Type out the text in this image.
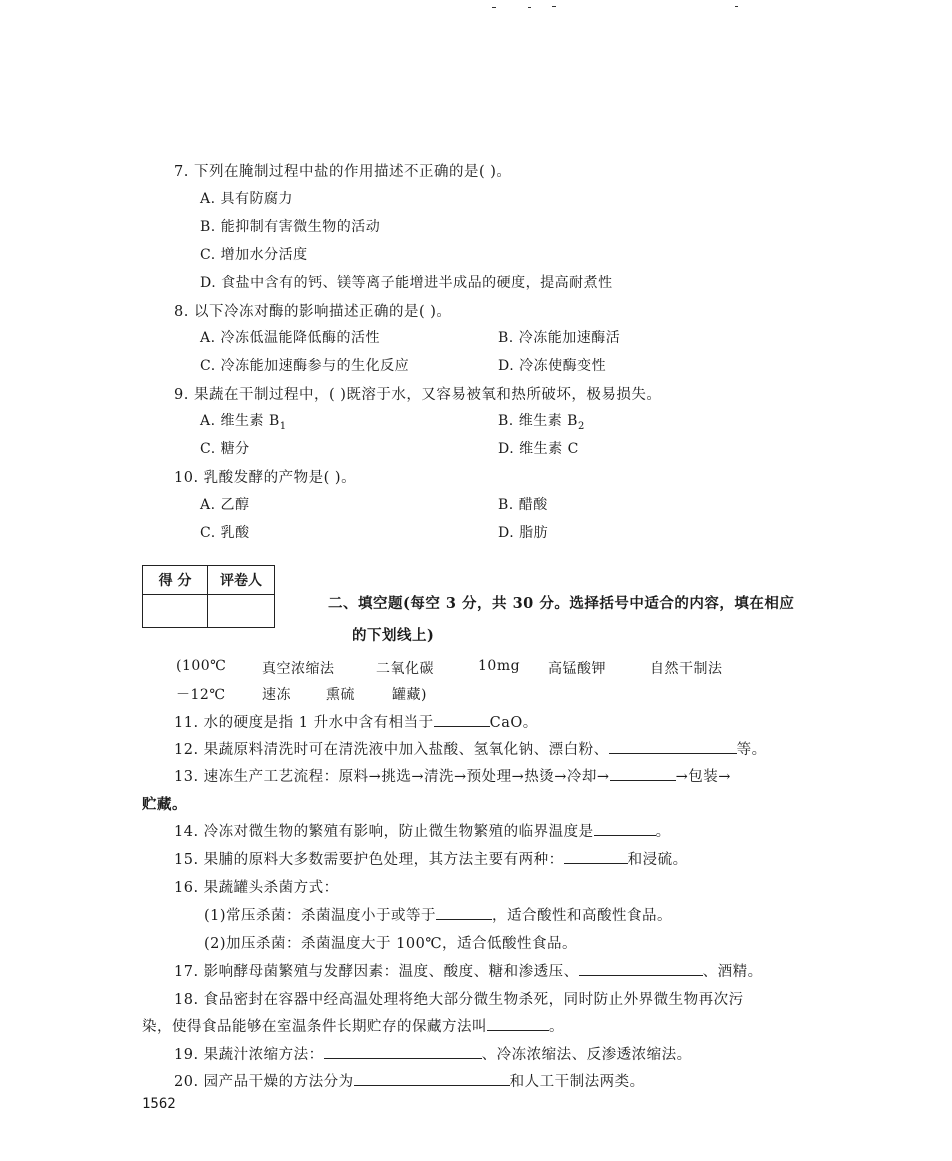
7. 下列在腌制过程中盐的作用描述不正确的是( )。
A. 具有防腐力
B. 能抑制有害微生物的活动
C. 增加水分活度
D. 食盐中含有的钙、镁等离子能增进半成品的硬度，提高耐煮性
8. 以下冷冻对酶的影响描述正确的是( )。
A. 冷冻低温能降低酶的活性	B. 冷冻能加速酶活
C. 冷冻能加速酶参与的生化反应	D. 冷冻使酶变性
9. 果蔬在干制过程中，( )既溶于水，又容易被氧和热所破坏，极易损失。
A. 维生素 $B_1$	B. 维生素 $B_2$
C. 糖分	D. 维生素 C
10. 乳酸发酵的产物是( )。
A. 乙醇	B. 醋酸
C. 乳酸	D. 脂肪
得 分	评卷人

二、填空题(每空 3 分，共 30 分。选择括号中适合的内容，填在相应
的下划线上)
(100℃	真空浓缩法	二氧化碳	10mg 高锰酸钾	自然干制法
－12℃	速冻	熏硫	罐藏)
11. 水的硬度是指 1 升水中含有相当于	CaO。
12. 果蔬原料清洗时可在清洗液中加入盐酸、氢氧化钠、漂白粉、	等。
13. 速冻生产工艺流程：原料→挑选→清洗→预处理→热烫→冷却→	→包装→
贮藏。
14. 冷冻对微生物的繁殖有影响，防止微生物繁殖的临界温度是	。
15. 果脯的原料大多数需要护色处理，其方法主要有两种：	和浸硫。
16. 果蔬罐头杀菌方式：
(1)常压杀菌：杀菌温度小于或等于	，适合酸性和高酸性食品。
(2)加压杀菌：杀菌温度大于 100℃，适合低酸性食品。
17. 影响酵母菌繁殖与发酵因素：温度、酸度、糖和渗透压、	、酒精。
18. 食品密封在容器中经高温处理将绝大部分微生物杀死，同时防止外界微生物再次污
染，使得食品能够在室温条件长期贮存的保藏方法叫	。
19. 果蔬汁浓缩方法：	、冷冻浓缩法、反渗透浓缩法。
20. 园产品干燥的方法分为	和人工干制法两类。
1562
